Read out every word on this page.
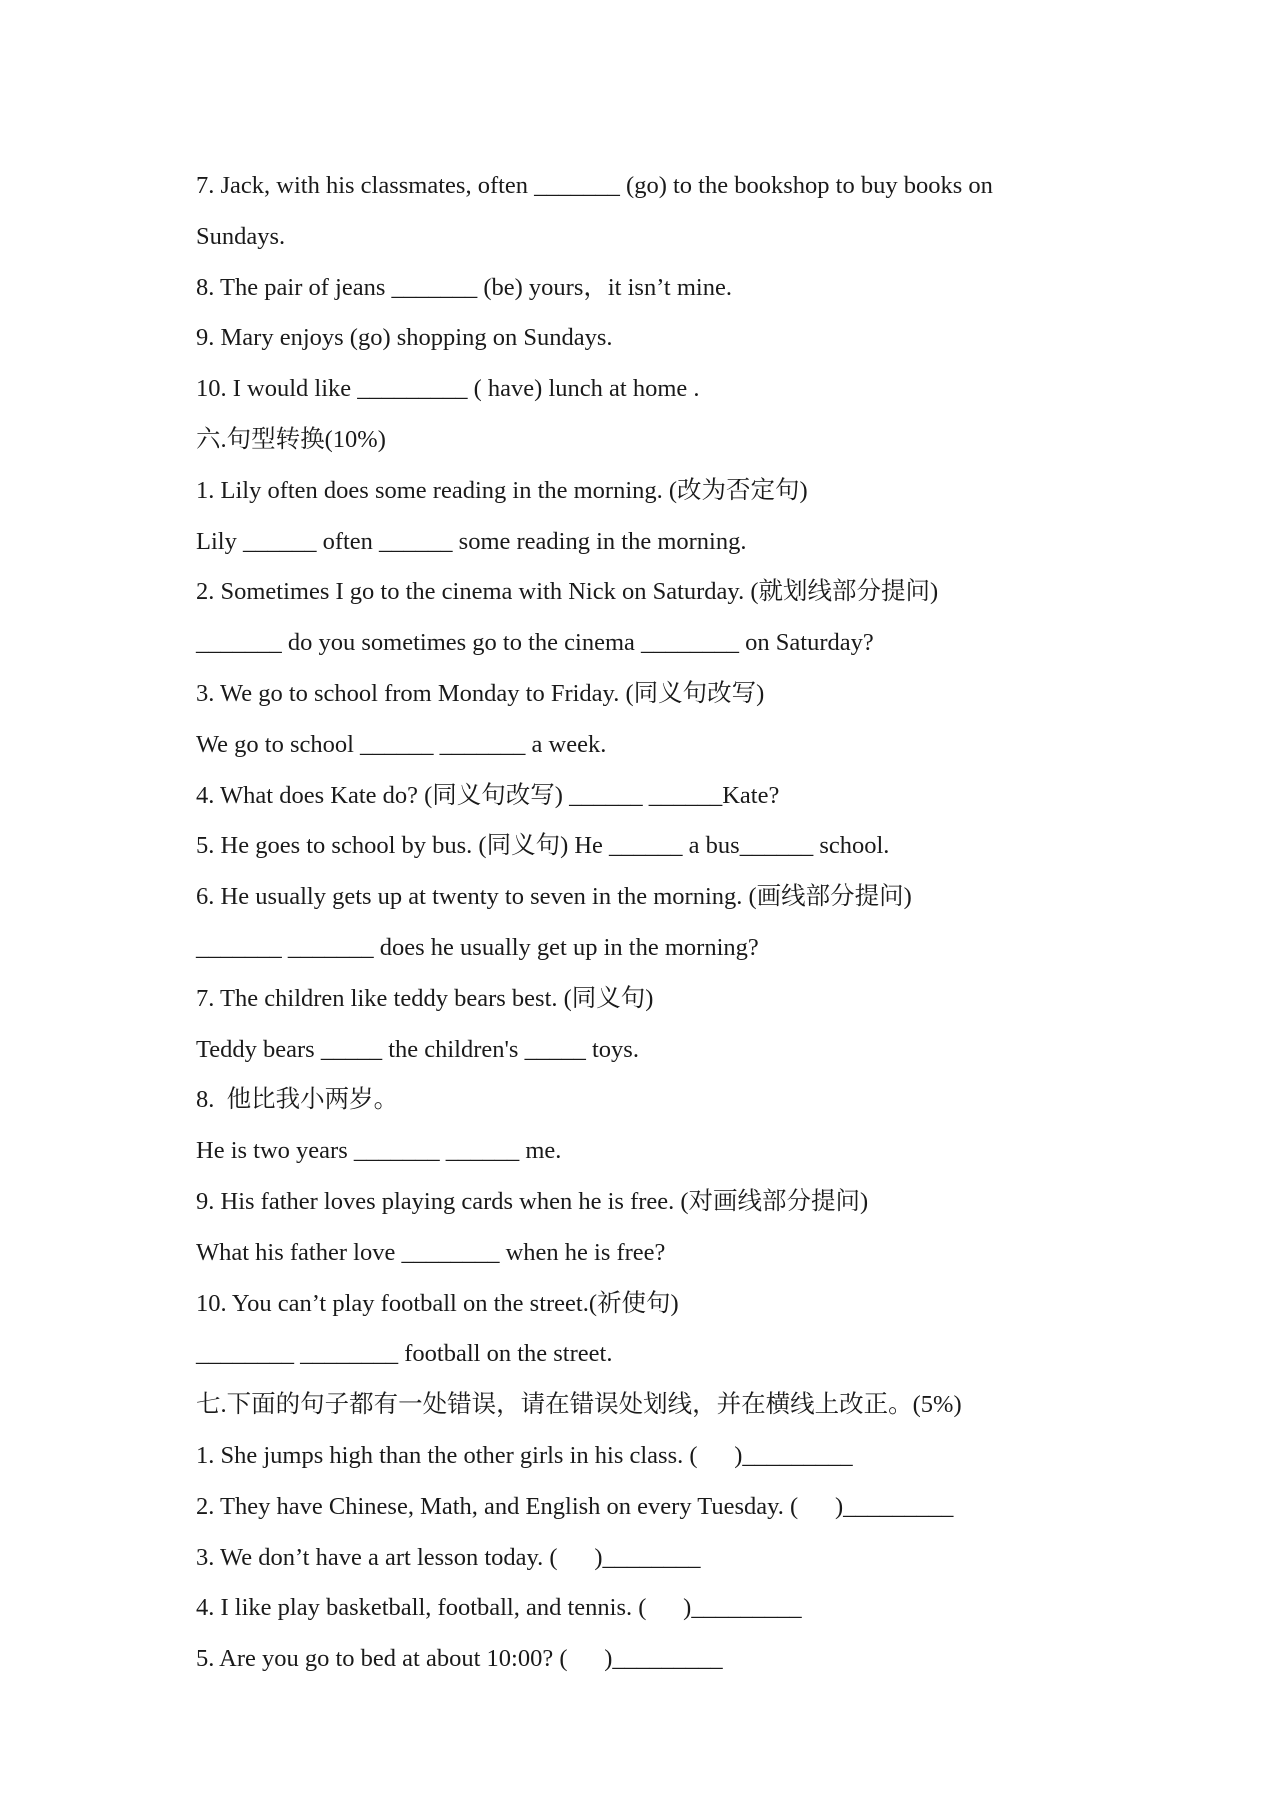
7. Jack, with his classmates, often _______ (go) to the bookshop to buy books on

Sundays.

8. The pair of jeans _______ (be) yours，it isn’t mine.

9. Mary enjoys (go) shopping on Sundays.

10. I would like _________ ( have) lunch at home .

六.句型转换(10%)

1. Lily often does some reading in the morning. (改为否定句)

Lily ______ often ______ some reading in the morning.

2. Sometimes I go to the cinema with Nick on Saturday. (就划线部分提问)

_______ do you sometimes go to the cinema ________ on Saturday?

3. We go to school from Monday to Friday. (同义句改写)

We go to school ______ _______ a week.

4. What does Kate do? (同义句改写) ______ ______Kate?

5. He goes to school by bus. (同义句) He ______ a bus______ school.

6. He usually gets up at twenty to seven in the morning. (画线部分提问)

_______ _______ does he usually get up in the morning?

7. The children like teddy bears best. (同义句)

Teddy bears _____ the children's _____ toys.

8.  他比我小两岁。

He is two years _______ ______ me.

9. His father loves playing cards when he is free. (对画线部分提问)

What his father love ________ when he is free?

10. You can’t play football on the street.(祈使句)

________ ________ football on the street.

七.下面的句子都有一处错误，请在错误处划线，并在横线上改正。(5%)

1. She jumps high than the other girls in his class. (      )_________

2. They have Chinese, Math, and English on every Tuesday. (      )_________

3. We don’t have a art lesson today. (      )________

4. I like play basketball, football, and tennis. (      )_________

5. Are you go to bed at about 10:00? (      )_________
